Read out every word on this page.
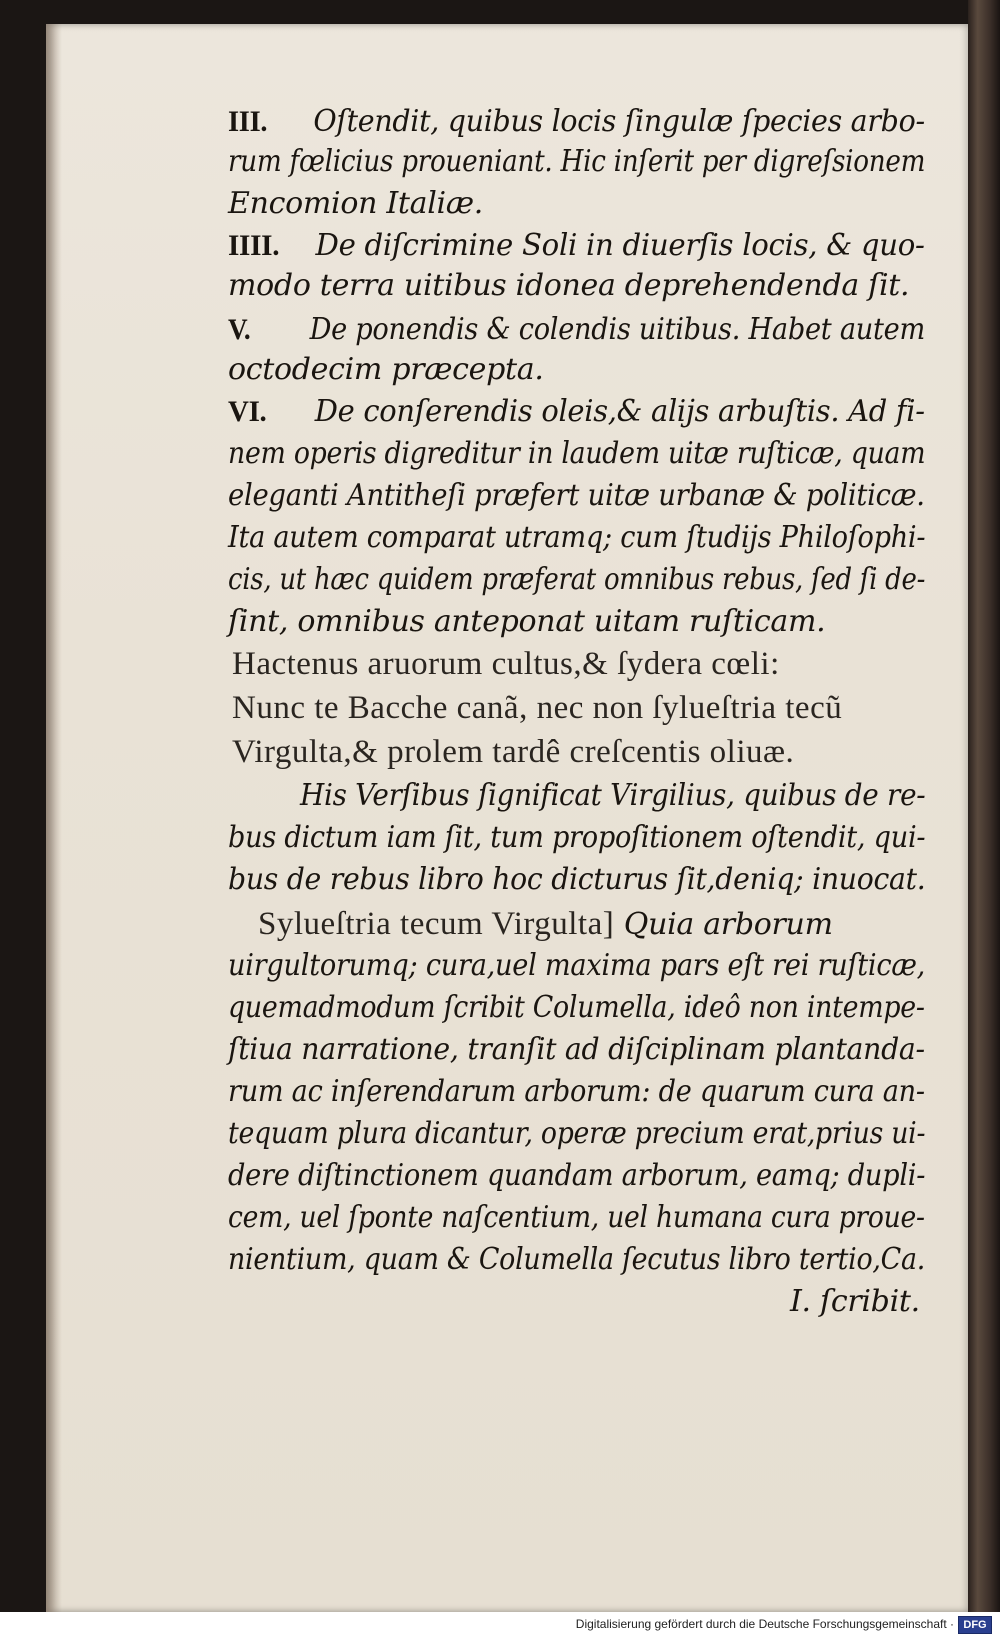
III. Oſtendit, quibus locis ſingulæ ſpecies arbo‑
rum fœlicius proueniant. Hic inſerit per digreſsionem
Encomion Italiæ.
IIII. De diſcrimine Soli in diuerſis locis, & quo‑
modo terra uitibus idonea deprehendenda ſit.
V. De ponendis & colendis uitibus. Habet autem
octodecim præcepta.
VI. De conſerendis oleis,& alijs arbuſtis. Ad fi‑
nem operis digreditur in laudem uitæ ruſticæ, quam
eleganti Antitheſi præfert uitæ urbanæ & politicæ.
Ita autem comparat utramq; cum ſtudijs Philoſophi‑
cis, ut hæc quidem præferat omnibus rebus, ſed ſi de‑
ſint, omnibus anteponat uitam ruſticam.
Hactenus aruorum cultus,& ſydera cœli:
Nunc te Bacche canã, nec non ſylueſtria tecũ
Virgulta,& prolem tardê creſcentis oliuæ.
His Verſibus ſignificat Virgilius, quibus de re‑
bus dictum iam ſit, tum propoſitionem oſtendit, qui‑
bus de rebus libro hoc dicturus ſit,deniq; inuocat.
Sylueſtria tecum Virgulta] Quia arborum
uirgultorumq; cura,uel maxima pars eſt rei ruſticæ,
quemadmodum ſcribit Columella, ideô non intempe‑
ſtiua narratione, tranſit ad diſciplinam plantanda‑
rum ac inſerendarum arborum: de quarum cura an‑
tequam plura dicantur, operæ precium erat,prius ui‑
dere diſtinctionem quandam arborum, eamq; dupli‑
cem, uel ſponte naſcentium, uel humana cura proue‑
nientium, quam & Columella ſecutus libro tertio,Ca.
I. ſcribit.
Digitalisierung gefördert durch die Deutsche Forschungsgemeinschaft · DFG
